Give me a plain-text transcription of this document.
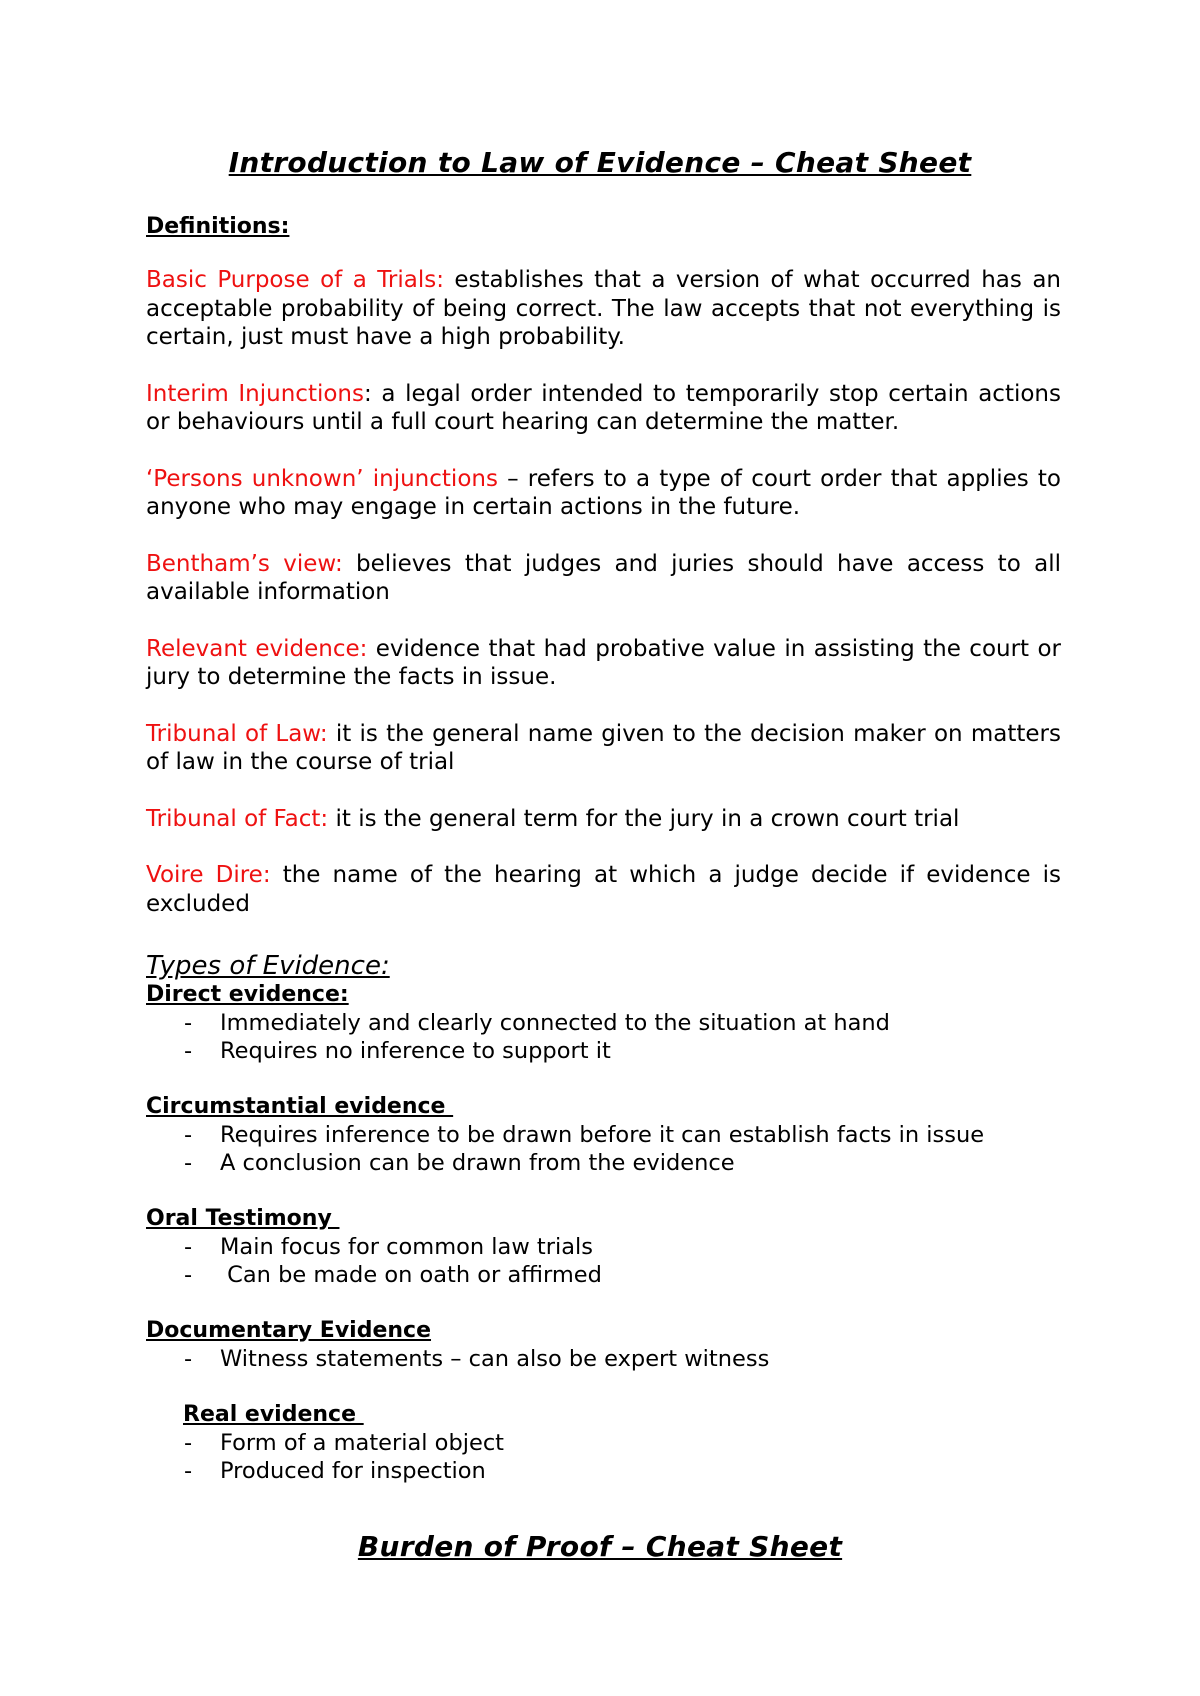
Introduction to Law of Evidence – Cheat Sheet
Definitions:

Basic Purpose of a Trials: establishes that a version of what occurred has an acceptable probability of being correct. The law accepts that not everything is certain, just must have a high probability.

Interim Injunctions: a legal order intended to temporarily stop certain actions or behaviours until a full court hearing can determine the matter.

‘Persons unknown’ injunctions – refers to a type of court order that applies to anyone who may engage in certain actions in the future.

Bentham’s view: believes that judges and juries should have access to all available information

Relevant evidence: evidence that had probative value in assisting the court or jury to determine the facts in issue.

Tribunal of Law: it is the general name given to the decision maker on matters of law in the course of trial

Tribunal of Fact: it is the general term for the jury in a crown court trial

Voire Dire: the name of the hearing at which a judge decide if evidence is excluded

Types of Evidence:

Direct evidence:
- Immediately and clearly connected to the situation at hand
- Requires no inference to support it
Circumstantial evidence
- Requires inference to be drawn before it can establish facts in issue
- A conclusion can be drawn from the evidence
Oral Testimony
- Main focus for common law trials
- Can be made on oath or affirmed
Documentary Evidence
- Witness statements – can also be expert witness
Real evidence
- Form of a material object
- Produced for inspection
Burden of Proof – Cheat Sheet
